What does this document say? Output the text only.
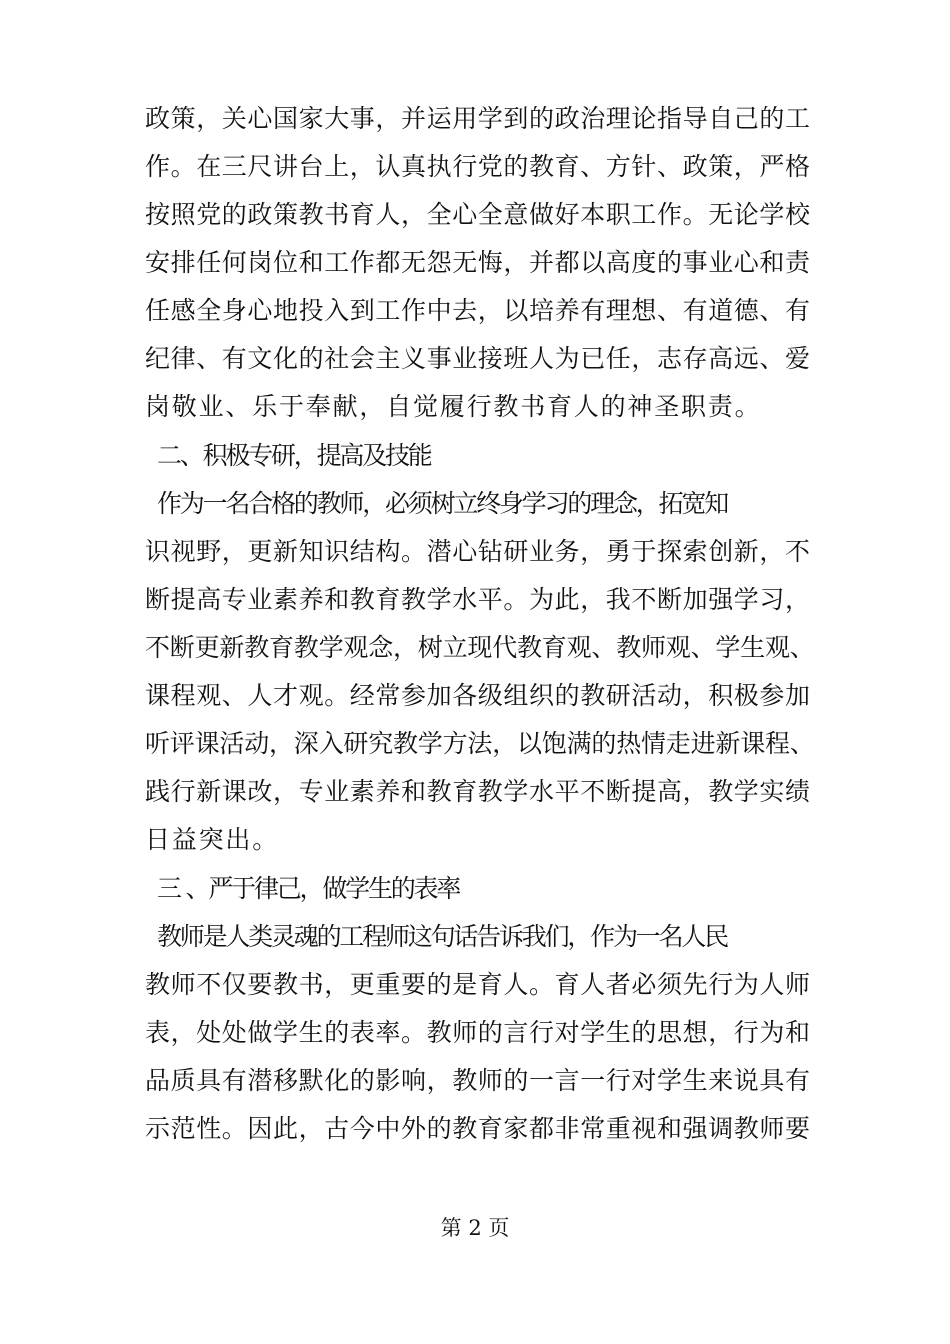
政策，关心国家大事，并运用学到的政治理论指导自己的工
作。在三尺讲台上，认真执行党的教育、方针、政策，严格
按照党的政策教书育人，全心全意做好本职工作。无论学校
安排任何岗位和工作都无怨无悔，并都以高度的事业心和责
任感全身心地投入到工作中去，以培养有理想、有道德、有
纪律、有文化的社会主义事业接班人为已任，志存高远、爱
岗敬业、乐于奉献，自觉履行教书育人的神圣职责。
二、积极专研，提高及技能
作为一名合格的教师，必须树立终身学习的理念，拓宽知
识视野，更新知识结构。潜心钻研业务，勇于探索创新，不
断提高专业素养和教育教学水平。为此，我不断加强学习，
不断更新教育教学观念，树立现代教育观、教师观、学生观、
课程观、人才观。经常参加各级组织的教研活动，积极参加
听评课活动，深入研究教学方法，以饱满的热情走进新课程、
践行新课改，专业素养和教育教学水平不断提高，教学实绩
日益突出。
三 、严于律己，做学生的表率
教师是人类灵魂的工程师这句话告诉我们，作为一名人民
教师不仅要教书，更重要的是育人。育人者必须先行为人师
表，处处做学生的表率。教师的言行对学生的思想，行为和
品质具有潜移默化的影响，教师的一言一行对学生来说具有
示范性。因此，古今中外的教育家都非常重视和强调教师要
第 2 页
